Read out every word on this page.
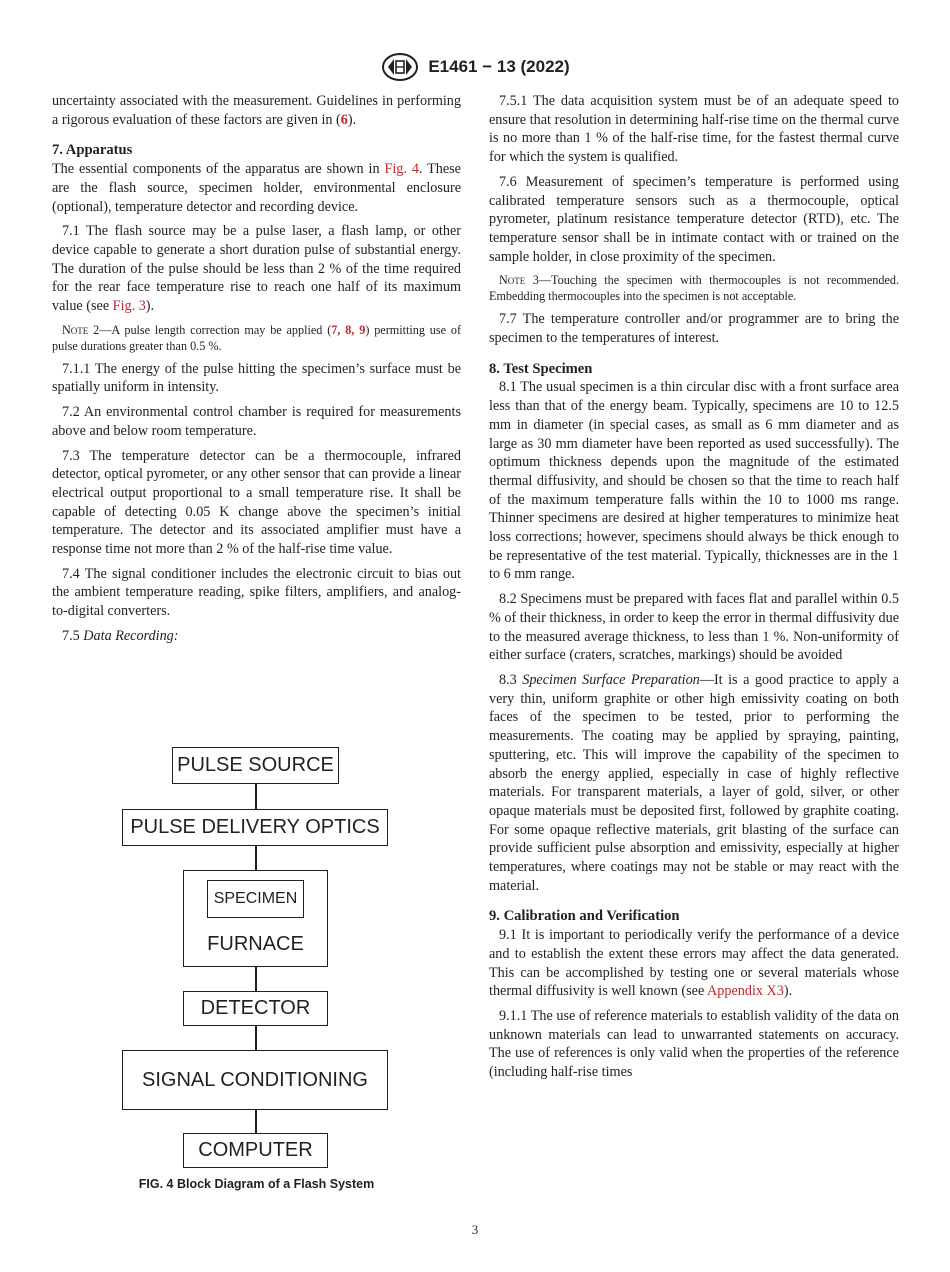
E1461 − 13 (2022)

uncertainty associated with the measurement. Guidelines in performing a rigorous evaluation of these factors are given in (6).

7. Apparatus

The essential components of the apparatus are shown in Fig. 4. These are the flash source, specimen holder, environmental enclosure (optional), temperature detector and recording device.

7.1 The flash source may be a pulse laser, a flash lamp, or other device capable to generate a short duration pulse of substantial energy. The duration of the pulse should be less than 2 % of the time required for the rear face temperature rise to reach one half of its maximum value (see Fig. 3).

Note 2—A pulse length correction may be applied (7, 8, 9) permitting use of pulse durations greater than 0.5 %.

7.1.1 The energy of the pulse hitting the specimen’s surface must be spatially uniform in intensity.

7.2 An environmental control chamber is required for measurements above and below room temperature.

7.3 The temperature detector can be a thermocouple, infrared detector, optical pyrometer, or any other sensor that can provide a linear electrical output proportional to a small temperature rise. It shall be capable of detecting 0.05 K change above the specimen’s initial temperature. The detector and its associated amplifier must have a response time not more than 2 % of the half-rise time value.

7.4 The signal conditioner includes the electronic circuit to bias out the ambient temperature reading, spike filters, amplifiers, and analog-to-digital converters.

7.5 Data Recording:

PULSE SOURCE
PULSE DELIVERY OPTICS
FURNACE
SPECIMEN
DETECTOR
SIGNAL CONDITIONING
COMPUTER
FIG. 4 Block Diagram of a Flash System

7.5.1 The data acquisition system must be of an adequate speed to ensure that resolution in determining half-rise time on the thermal curve is no more than 1 % of the half-rise time, for the fastest thermal curve for which the system is qualified.

7.6 Measurement of specimen’s temperature is performed using calibrated temperature sensors such as a thermocouple, optical pyrometer, platinum resistance temperature detector (RTD), etc. The temperature sensor shall be in intimate contact with or trained on the sample holder, in close proximity of the specimen.

Note 3—Touching the specimen with thermocouples is not recommended. Embedding thermocouples into the specimen is not acceptable.

7.7 The temperature controller and/or programmer are to bring the specimen to the temperatures of interest.

8. Test Specimen

8.1 The usual specimen is a thin circular disc with a front surface area less than that of the energy beam. Typically, specimens are 10 to 12.5 mm in diameter (in special cases, as small as 6 mm diameter and as large as 30 mm diameter have been reported as used successfully). The optimum thickness depends upon the magnitude of the estimated thermal diffusivity, and should be chosen so that the time to reach half of the maximum temperature falls within the 10 to 1000 ms range. Thinner specimens are desired at higher temperatures to minimize heat loss corrections; however, specimens should always be thick enough to be representative of the test material. Typically, thicknesses are in the 1 to 6 mm range.

8.2 Specimens must be prepared with faces flat and parallel within 0.5 % of their thickness, in order to keep the error in thermal diffusivity due to the measured average thickness, to less than 1 %. Non-uniformity of either surface (craters, scratches, markings) should be avoided

8.3 Specimen Surface Preparation—It is a good practice to apply a very thin, uniform graphite or other high emissivity coating on both faces of the specimen to be tested, prior to performing the measurements. The coating may be applied by spraying, painting, sputtering, etc. This will improve the capability of the specimen to absorb the energy applied, especially in case of highly reflective materials. For transparent materials, a layer of gold, silver, or other opaque materials must be deposited first, followed by graphite coating. For some opaque reflective materials, grit blasting of the surface can provide sufficient pulse absorption and emissivity, especially at higher temperatures, where coatings may not be stable or may react with the material.

9. Calibration and Verification

9.1 It is important to periodically verify the performance of a device and to establish the extent these errors may affect the data generated. This can be accomplished by testing one or several materials whose thermal diffusivity is well known (see Appendix X3).

9.1.1 The use of reference materials to establish validity of the data on unknown materials can lead to unwarranted statements on accuracy. The use of references is only valid when the properties of the reference (including half-rise times

3
